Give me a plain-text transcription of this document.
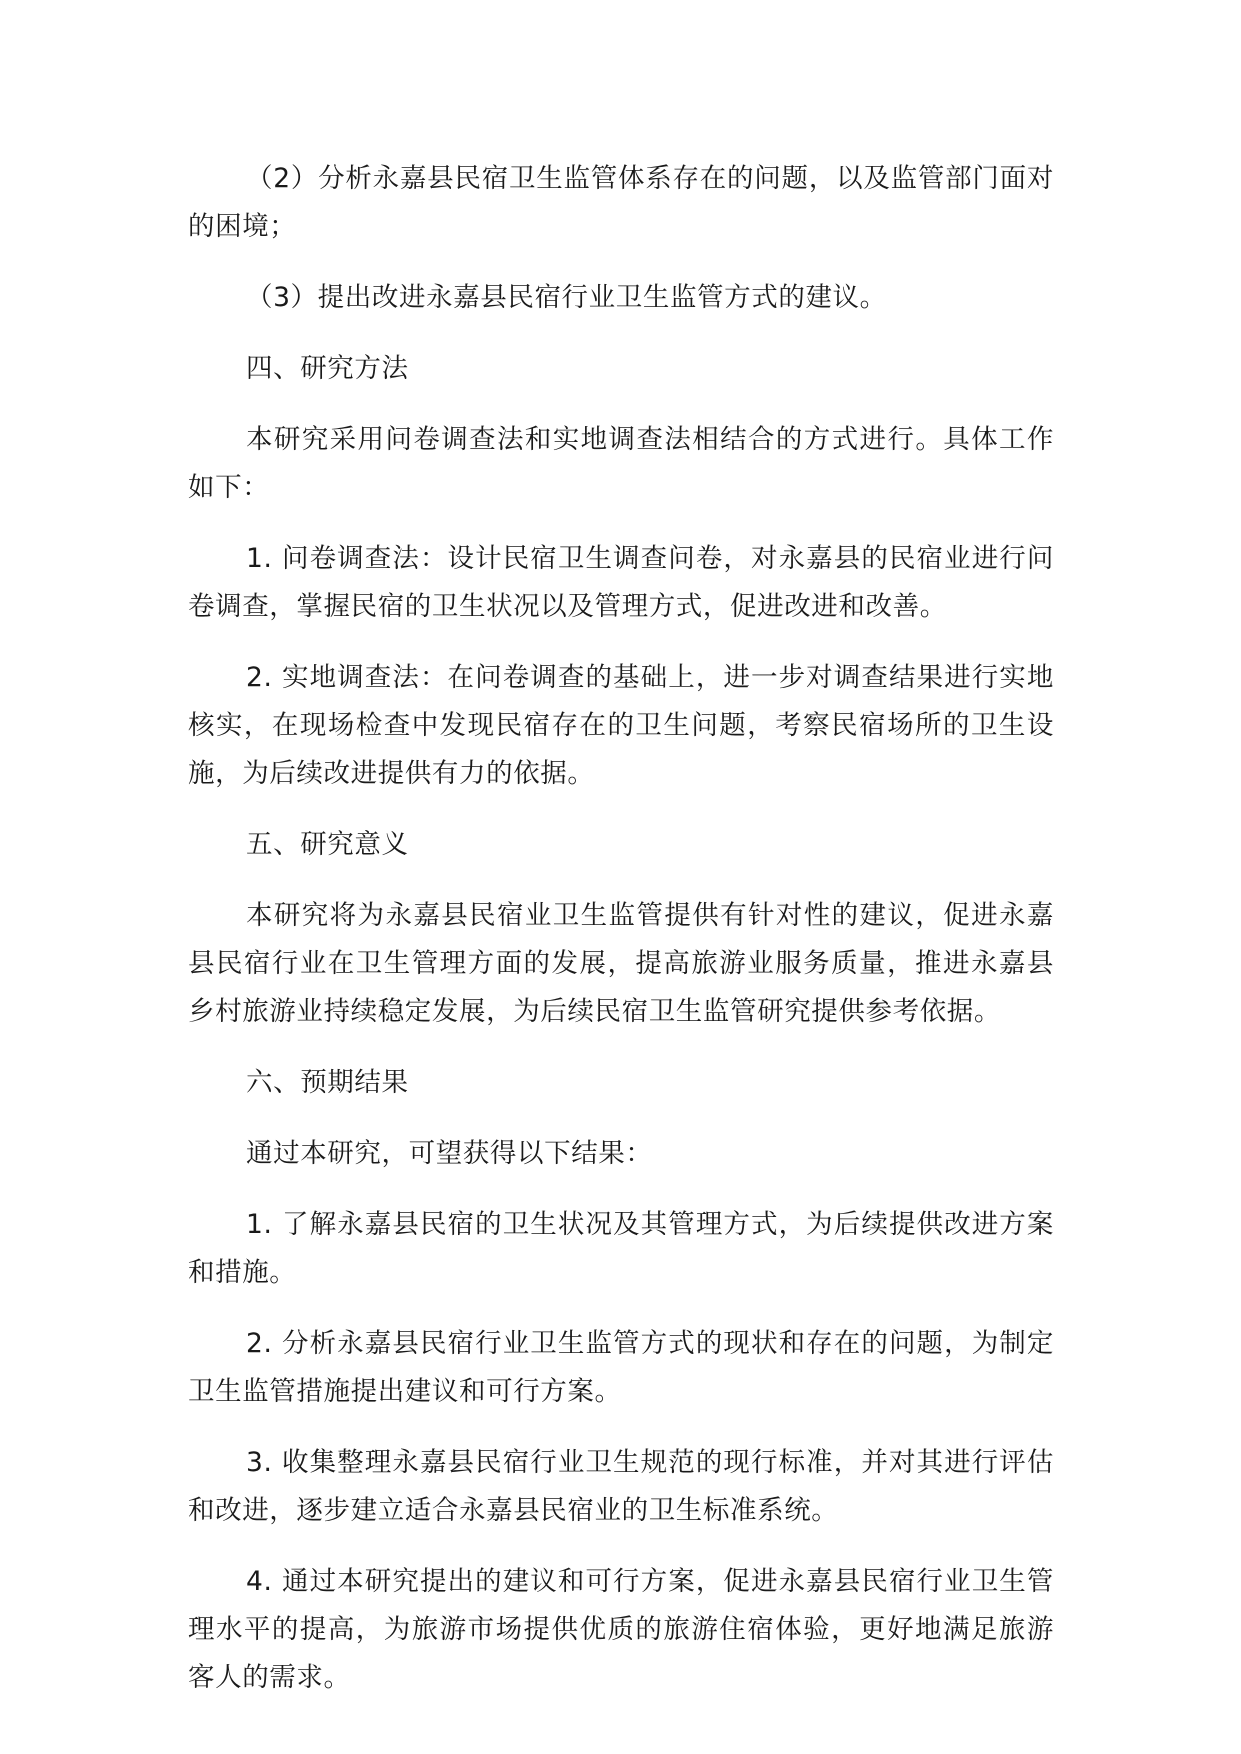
（2）分析永嘉县民宿卫生监管体系存在的问题，以及监管部门面对的困境；

（3）提出改进永嘉县民宿行业卫生监管方式的建议。

四、研究方法

本研究采用问卷调查法和实地调查法相结合的方式进行。具体工作如下：

1. 问卷调查法：设计民宿卫生调查问卷，对永嘉县的民宿业进行问卷调查，掌握民宿的卫生状况以及管理方式，促进改进和改善。

2. 实地调查法：在问卷调查的基础上，进一步对调查结果进行实地核实，在现场检查中发现民宿存在的卫生问题，考察民宿场所的卫生设施，为后续改进提供有力的依据。

五、研究意义

本研究将为永嘉县民宿业卫生监管提供有针对性的建议，促进永嘉县民宿行业在卫生管理方面的发展，提高旅游业服务质量，推进永嘉县乡村旅游业持续稳定发展，为后续民宿卫生监管研究提供参考依据。

六、预期结果

通过本研究，可望获得以下结果：

1. 了解永嘉县民宿的卫生状况及其管理方式，为后续提供改进方案和措施。

2. 分析永嘉县民宿行业卫生监管方式的现状和存在的问题，为制定卫生监管措施提出建议和可行方案。

3. 收集整理永嘉县民宿行业卫生规范的现行标准，并对其进行评估和改进，逐步建立适合永嘉县民宿业的卫生标准系统。

4. 通过本研究提出的建议和可行方案，促进永嘉县民宿行业卫生管理水平的提高，为旅游市场提供优质的旅游住宿体验，更好地满足旅游客人的需求。
